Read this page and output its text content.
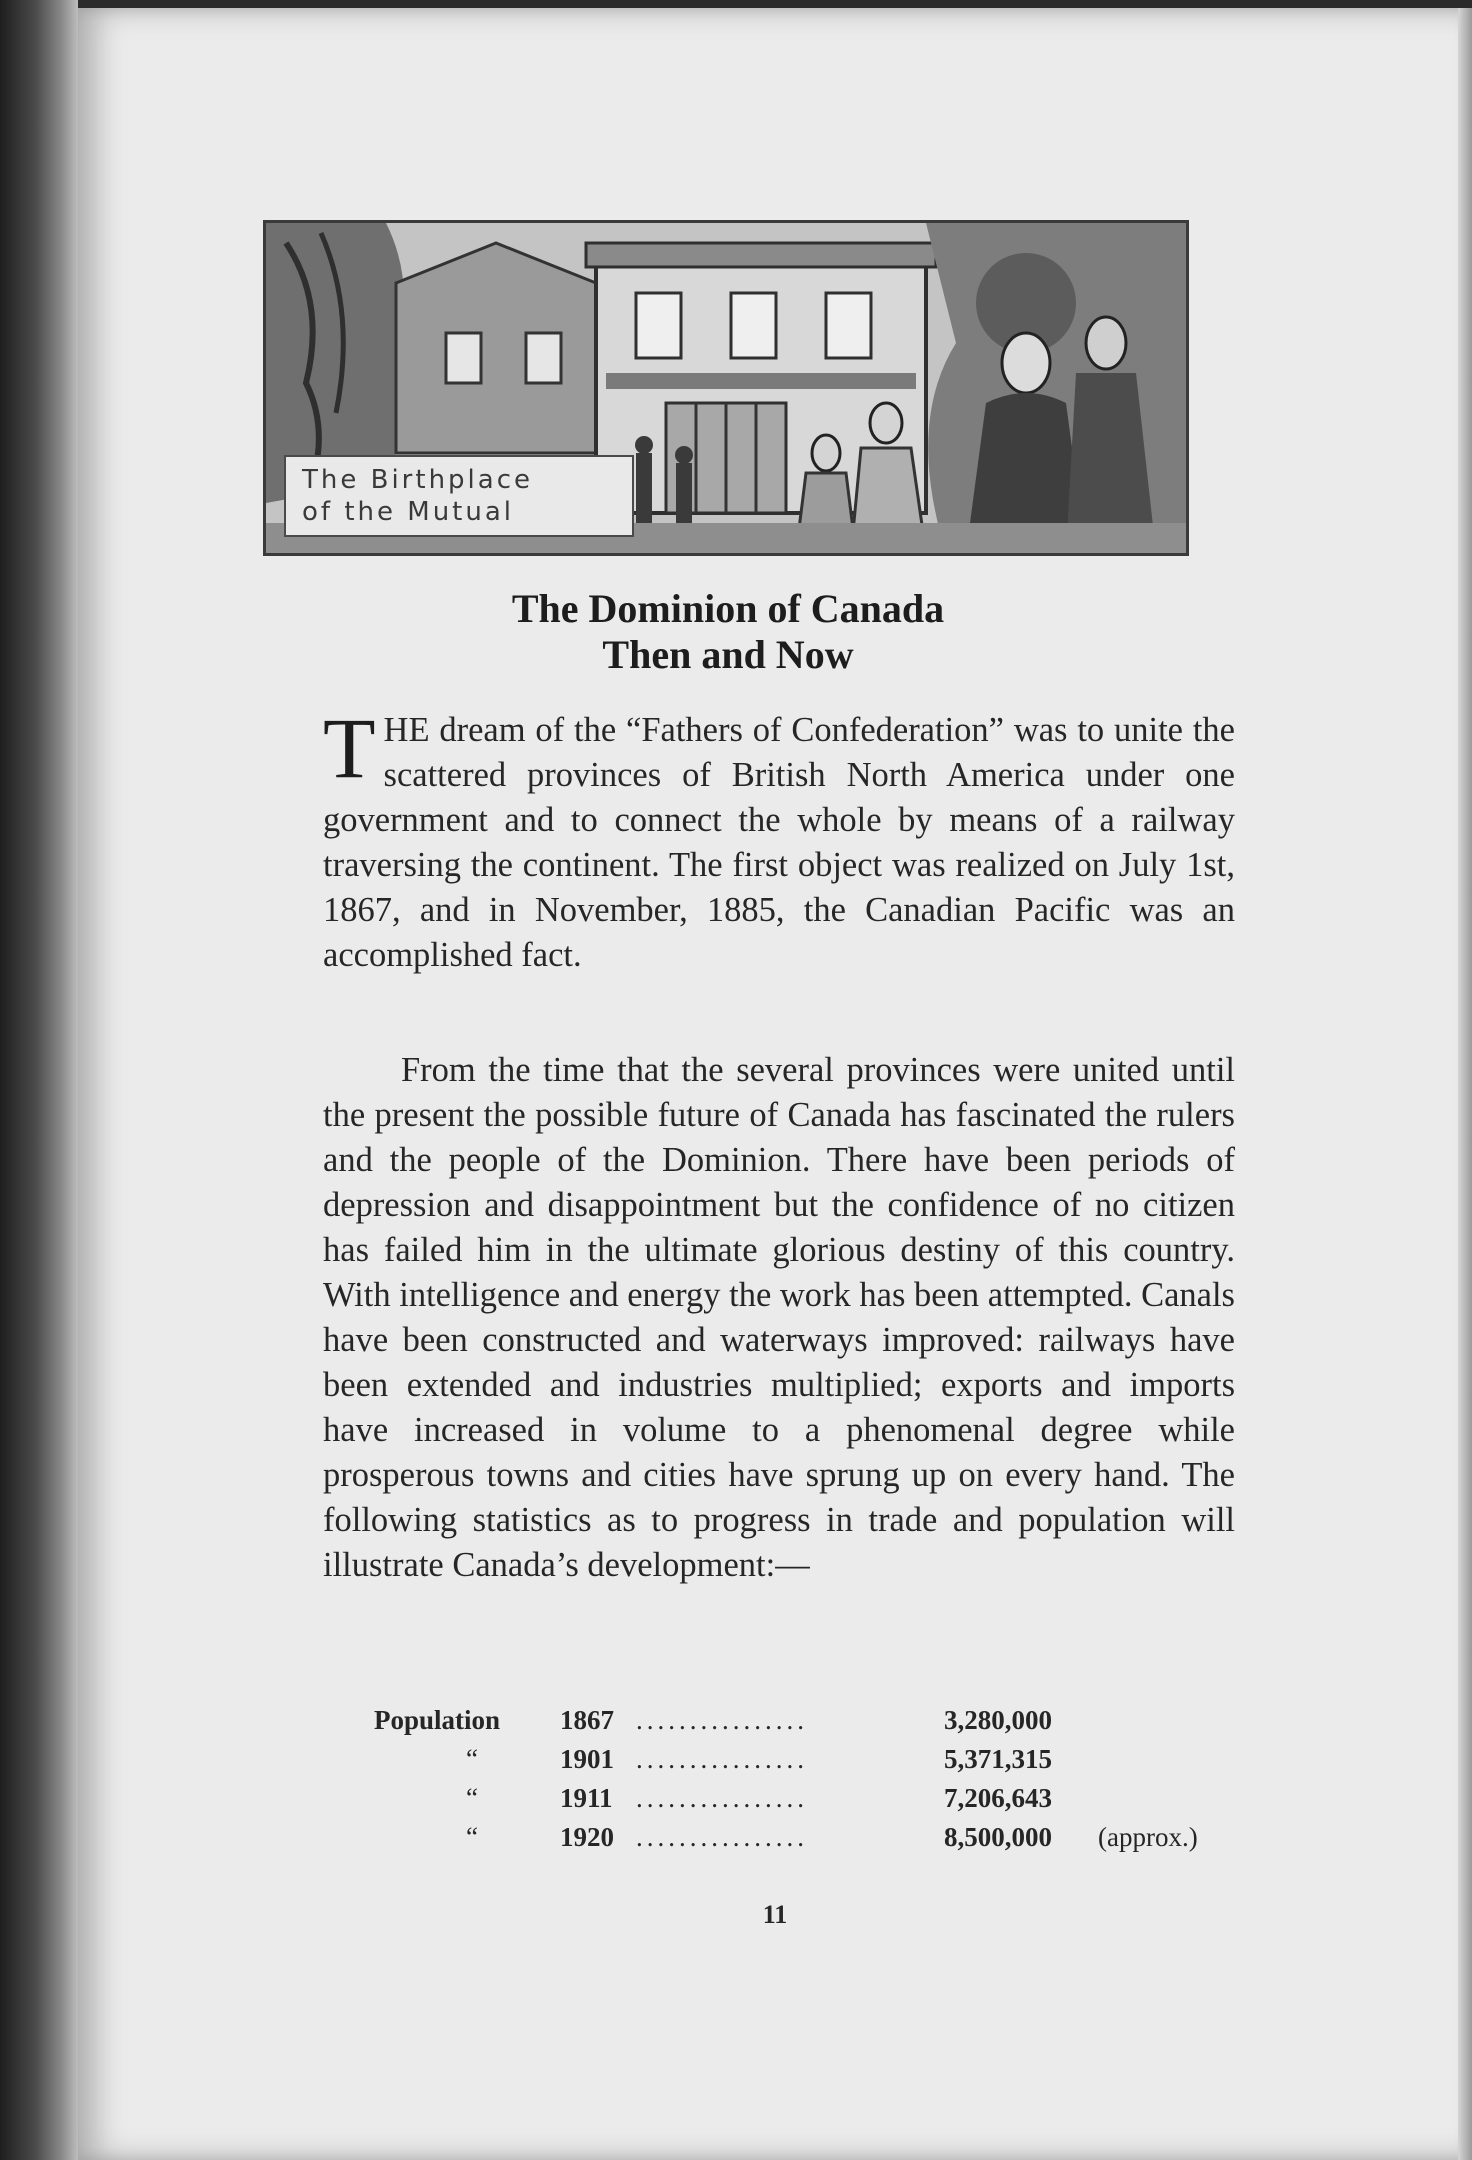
The Birthplace
of the Mutual
The Dominion of Canada
Then and Now

THE dream of the “Fathers of Confederation” was to unite the scattered provinces of British North America under one government and to connect the whole by means of a railway traversing the continent. The first object was realized on July 1st, 1867, and in November, 1885, the Canadian Pacific was an accomplished fact.

From the time that the several provinces were united until the present the possible future of Canada has fascinated the rulers and the people of the Dominion. There have been periods of depression and disappointment but the confidence of no citizen has failed him in the ultimate glorious destiny of this country. With intelligence and energy the work has been attempted. Canals have been constructed and waterways improved: railways have been extended and industries multiplied; exports and imports have increased in volume to a phenomenal degree while prosperous towns and cities have sprung up on every hand. The following statistics as to progress in trade and population will illustrate Canada’s development:—

Population	1867 ................	3,280,000
“	1901 ................	5,371,315
“	1911 ................	7,206,643
“	1920 ................	8,500,000 (approx.)
11
